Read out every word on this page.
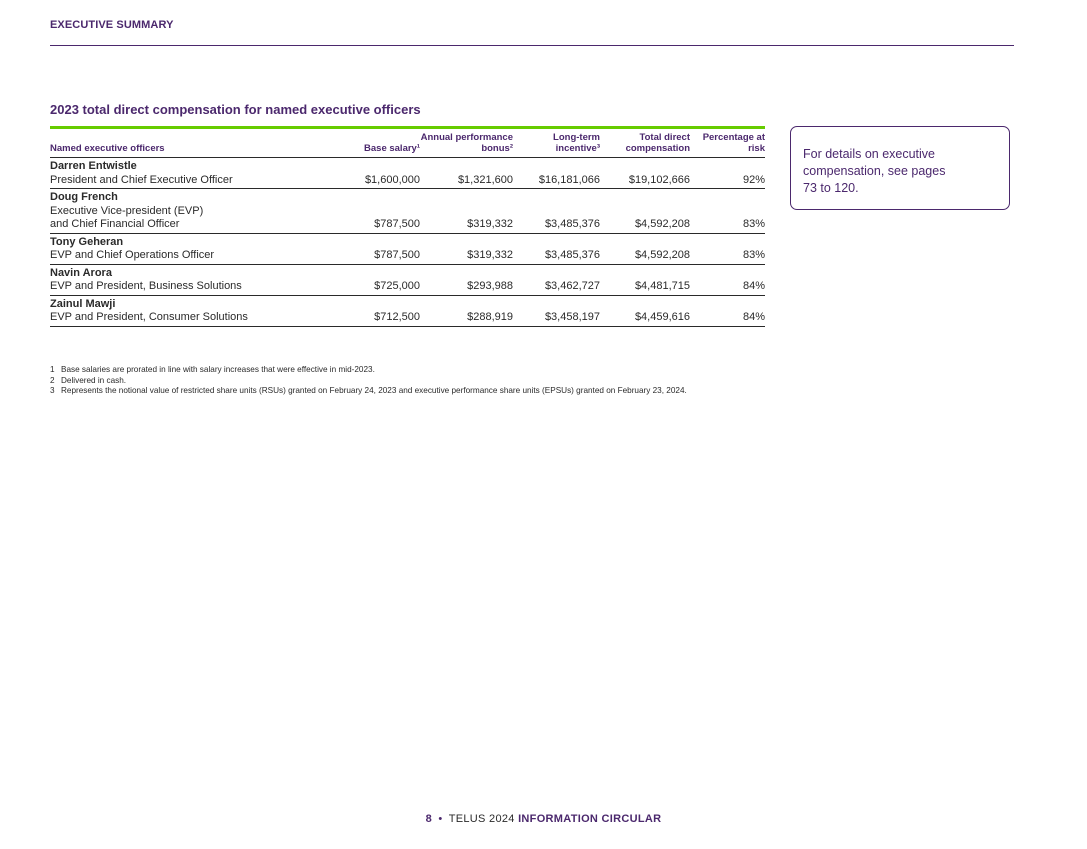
EXECUTIVE SUMMARY
2023 total direct compensation for named executive officers
Named executive officers	Base salary¹	Annual performance bonus²	Long-term incentive³	Total direct compensation	Percentage at risk

Darren Entwistle
President and Chief Executive Officer	$1,600,000	$1,321,600	$16,181,066	$19,102,666	92%

Doug French
Executive Vice-president (EVP)
and Chief Financial Officer	$787,500	$319,332	$3,485,376	$4,592,208	83%

Tony Geheran
EVP and Chief Operations Officer	$787,500	$319,332	$3,485,376	$4,592,208	83%

Navin Arora
EVP and President, Business Solutions	$725,000	$293,988	$3,462,727	$4,481,715	84%

Zainul Mawji
EVP and President, Consumer Solutions	$712,500	$288,919	$3,458,197	$4,459,616	84%
1 Base salaries are prorated in line with salary increases that were effective in mid-2023.
2 Delivered in cash.
3 Represents the notional value of restricted share units (RSUs) granted on February 24, 2023 and executive performance share units (EPSUs) granted on February 23, 2024.
For details on executive compensation, see pages 73 to 120.
8 • TELUS 2024 INFORMATION CIRCULAR
